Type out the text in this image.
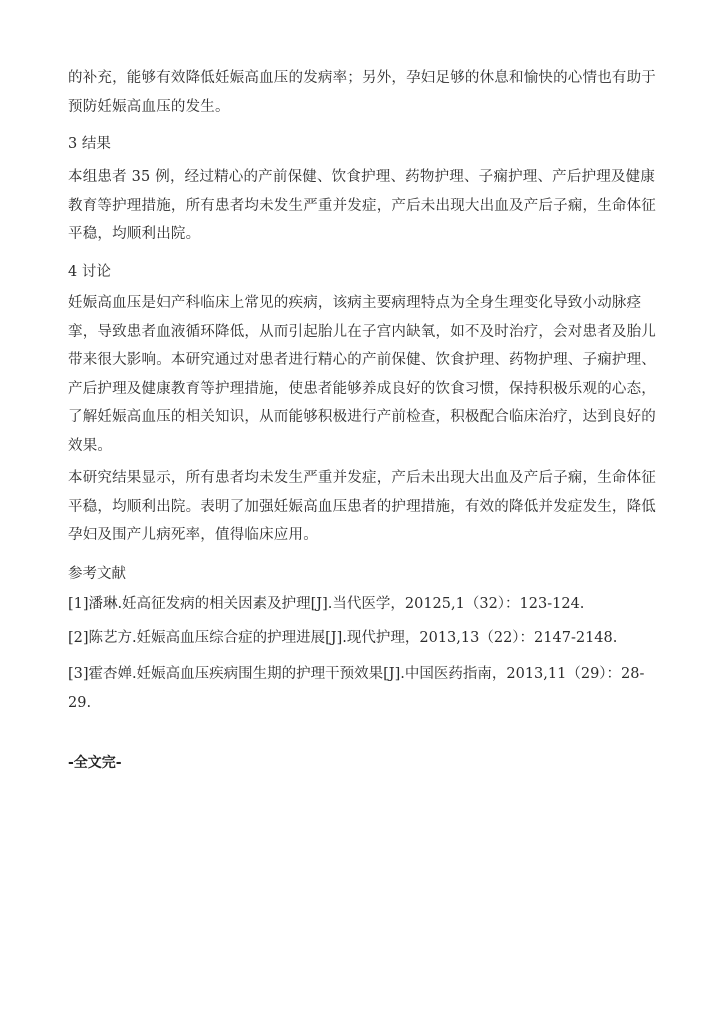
的补充，能够有效降低妊娠高血压的发病率；另外，孕妇足够的休息和愉快的心情也有助于
预防妊娠高血压的发生。
3 结果
本组患者 35 例，经过精心的产前保健、饮食护理、药物护理、子痫护理、产后护理及健康
教育等护理措施，所有患者均未发生严重并发症，产后未出现大出血及产后子痫，生命体征
平稳，均顺利出院。
4 讨论
妊娠高血压是妇产科临床上常见的疾病，该病主要病理特点为全身生理变化导致小动脉痉
挛，导致患者血液循环降低，从而引起胎儿在子宫内缺氧，如不及时治疗，会对患者及胎儿
带来很大影响。本研究通过对患者进行精心的产前保健、饮食护理、药物护理、子痫护理、
产后护理及健康教育等护理措施，使患者能够养成良好的饮食习惯，保持积极乐观的心态，
了解妊娠高血压的相关知识，从而能够积极进行产前检查，积极配合临床治疗，达到良好的
效果。
本研究结果显示，所有患者均未发生严重并发症，产后未出现大出血及产后子痫，生命体征
平稳，均顺利出院。表明了加强妊娠高血压患者的护理措施，有效的降低并发症发生，降低
孕妇及围产儿病死率，值得临床应用。
参考文献
[1]潘琳.妊高征发病的相关因素及护理[J].当代医学，20125,1（32）：123-124.
[2]陈艺方.妊娠高血压综合症的护理进展[J].现代护理，2013,13（22）：2147-2148.
[3]霍杏婵.妊娠高血压疾病围生期的护理干预效果[J].中国医药指南，2013,11（29）：28-29.
-全文完-
